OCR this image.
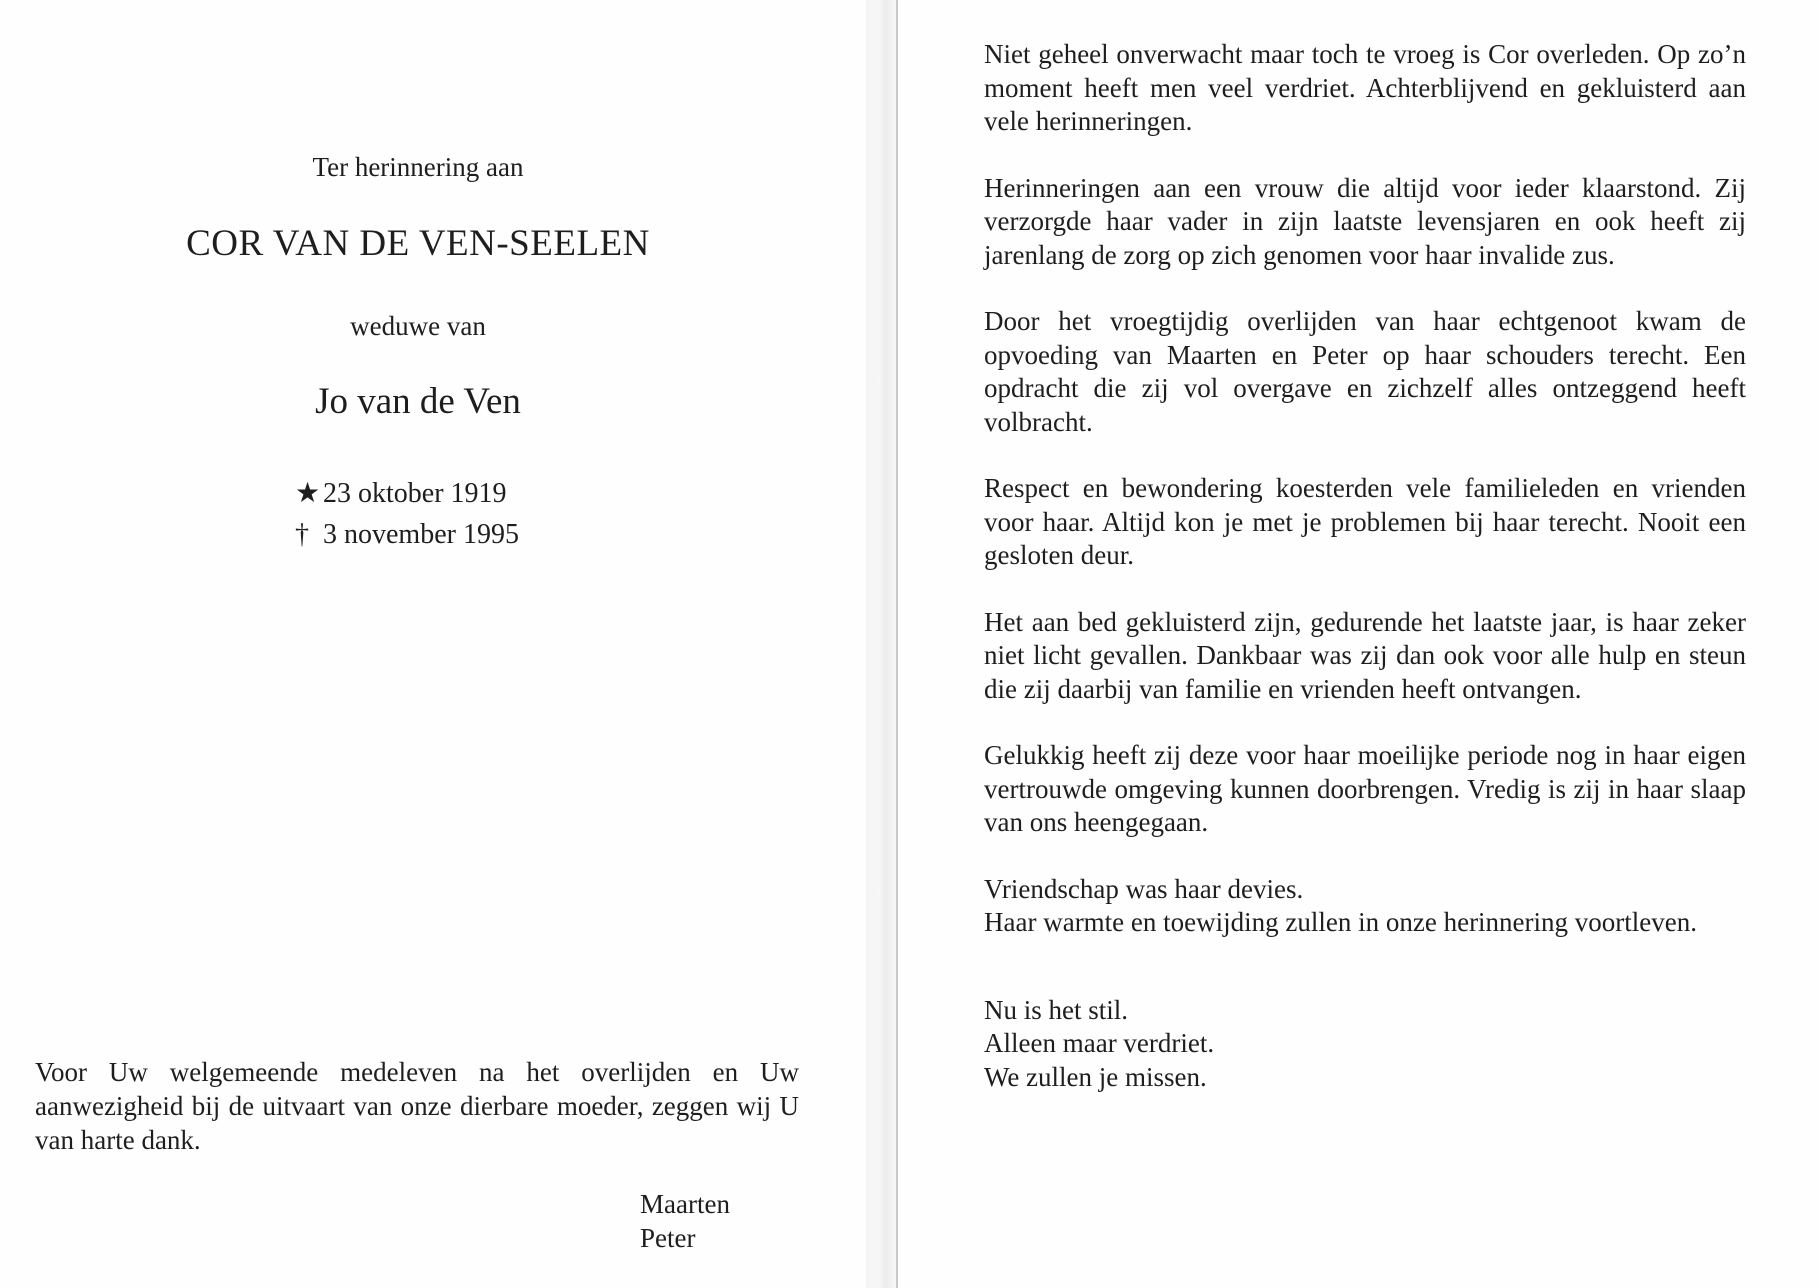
Ter herinnering aan
COR VAN DE VEN-SEELEN
weduwe van
Jo van de Ven
★ 23 oktober 1919
† 3 november 1995
Voor Uw welgemeende medeleven na het overlijden en Uw aanwezigheid bij de uitvaart van onze dierbare moeder, zeggen wij U van harte dank.
Maarten
Peter

Niet geheel onverwacht maar toch te vroeg is Cor overleden. Op zo’n moment heeft men veel verdriet. Achterblijvend en gekluisterd aan vele herinneringen.

Herinneringen aan een vrouw die altijd voor ieder klaarstond. Zij verzorgde haar vader in zijn laatste levensjaren en ook heeft zij jarenlang de zorg op zich genomen voor haar invalide zus.

Door het vroegtijdig overlijden van haar echtgenoot kwam de opvoeding van Maarten en Peter op haar schouders terecht. Een opdracht die zij vol overgave en zichzelf alles ontzeggend heeft volbracht.

Respect en bewondering koesterden vele familieleden en vrienden voor haar. Altijd kon je met je problemen bij haar terecht. Nooit een gesloten deur.

Het aan bed gekluisterd zijn, gedurende het laatste jaar, is haar zeker niet licht gevallen. Dankbaar was zij dan ook voor alle hulp en steun die zij daarbij van familie en vrienden heeft ontvangen.

Gelukkig heeft zij deze voor haar moeilijke periode nog in haar eigen vertrouwde omgeving kunnen doorbrengen. Vredig is zij in haar slaap van ons heengegaan.

Vriendschap was haar devies.
Haar warmte en toewijding zullen in onze herinnering voortleven.
Nu is het stil.
Alleen maar verdriet.
We zullen je missen.
